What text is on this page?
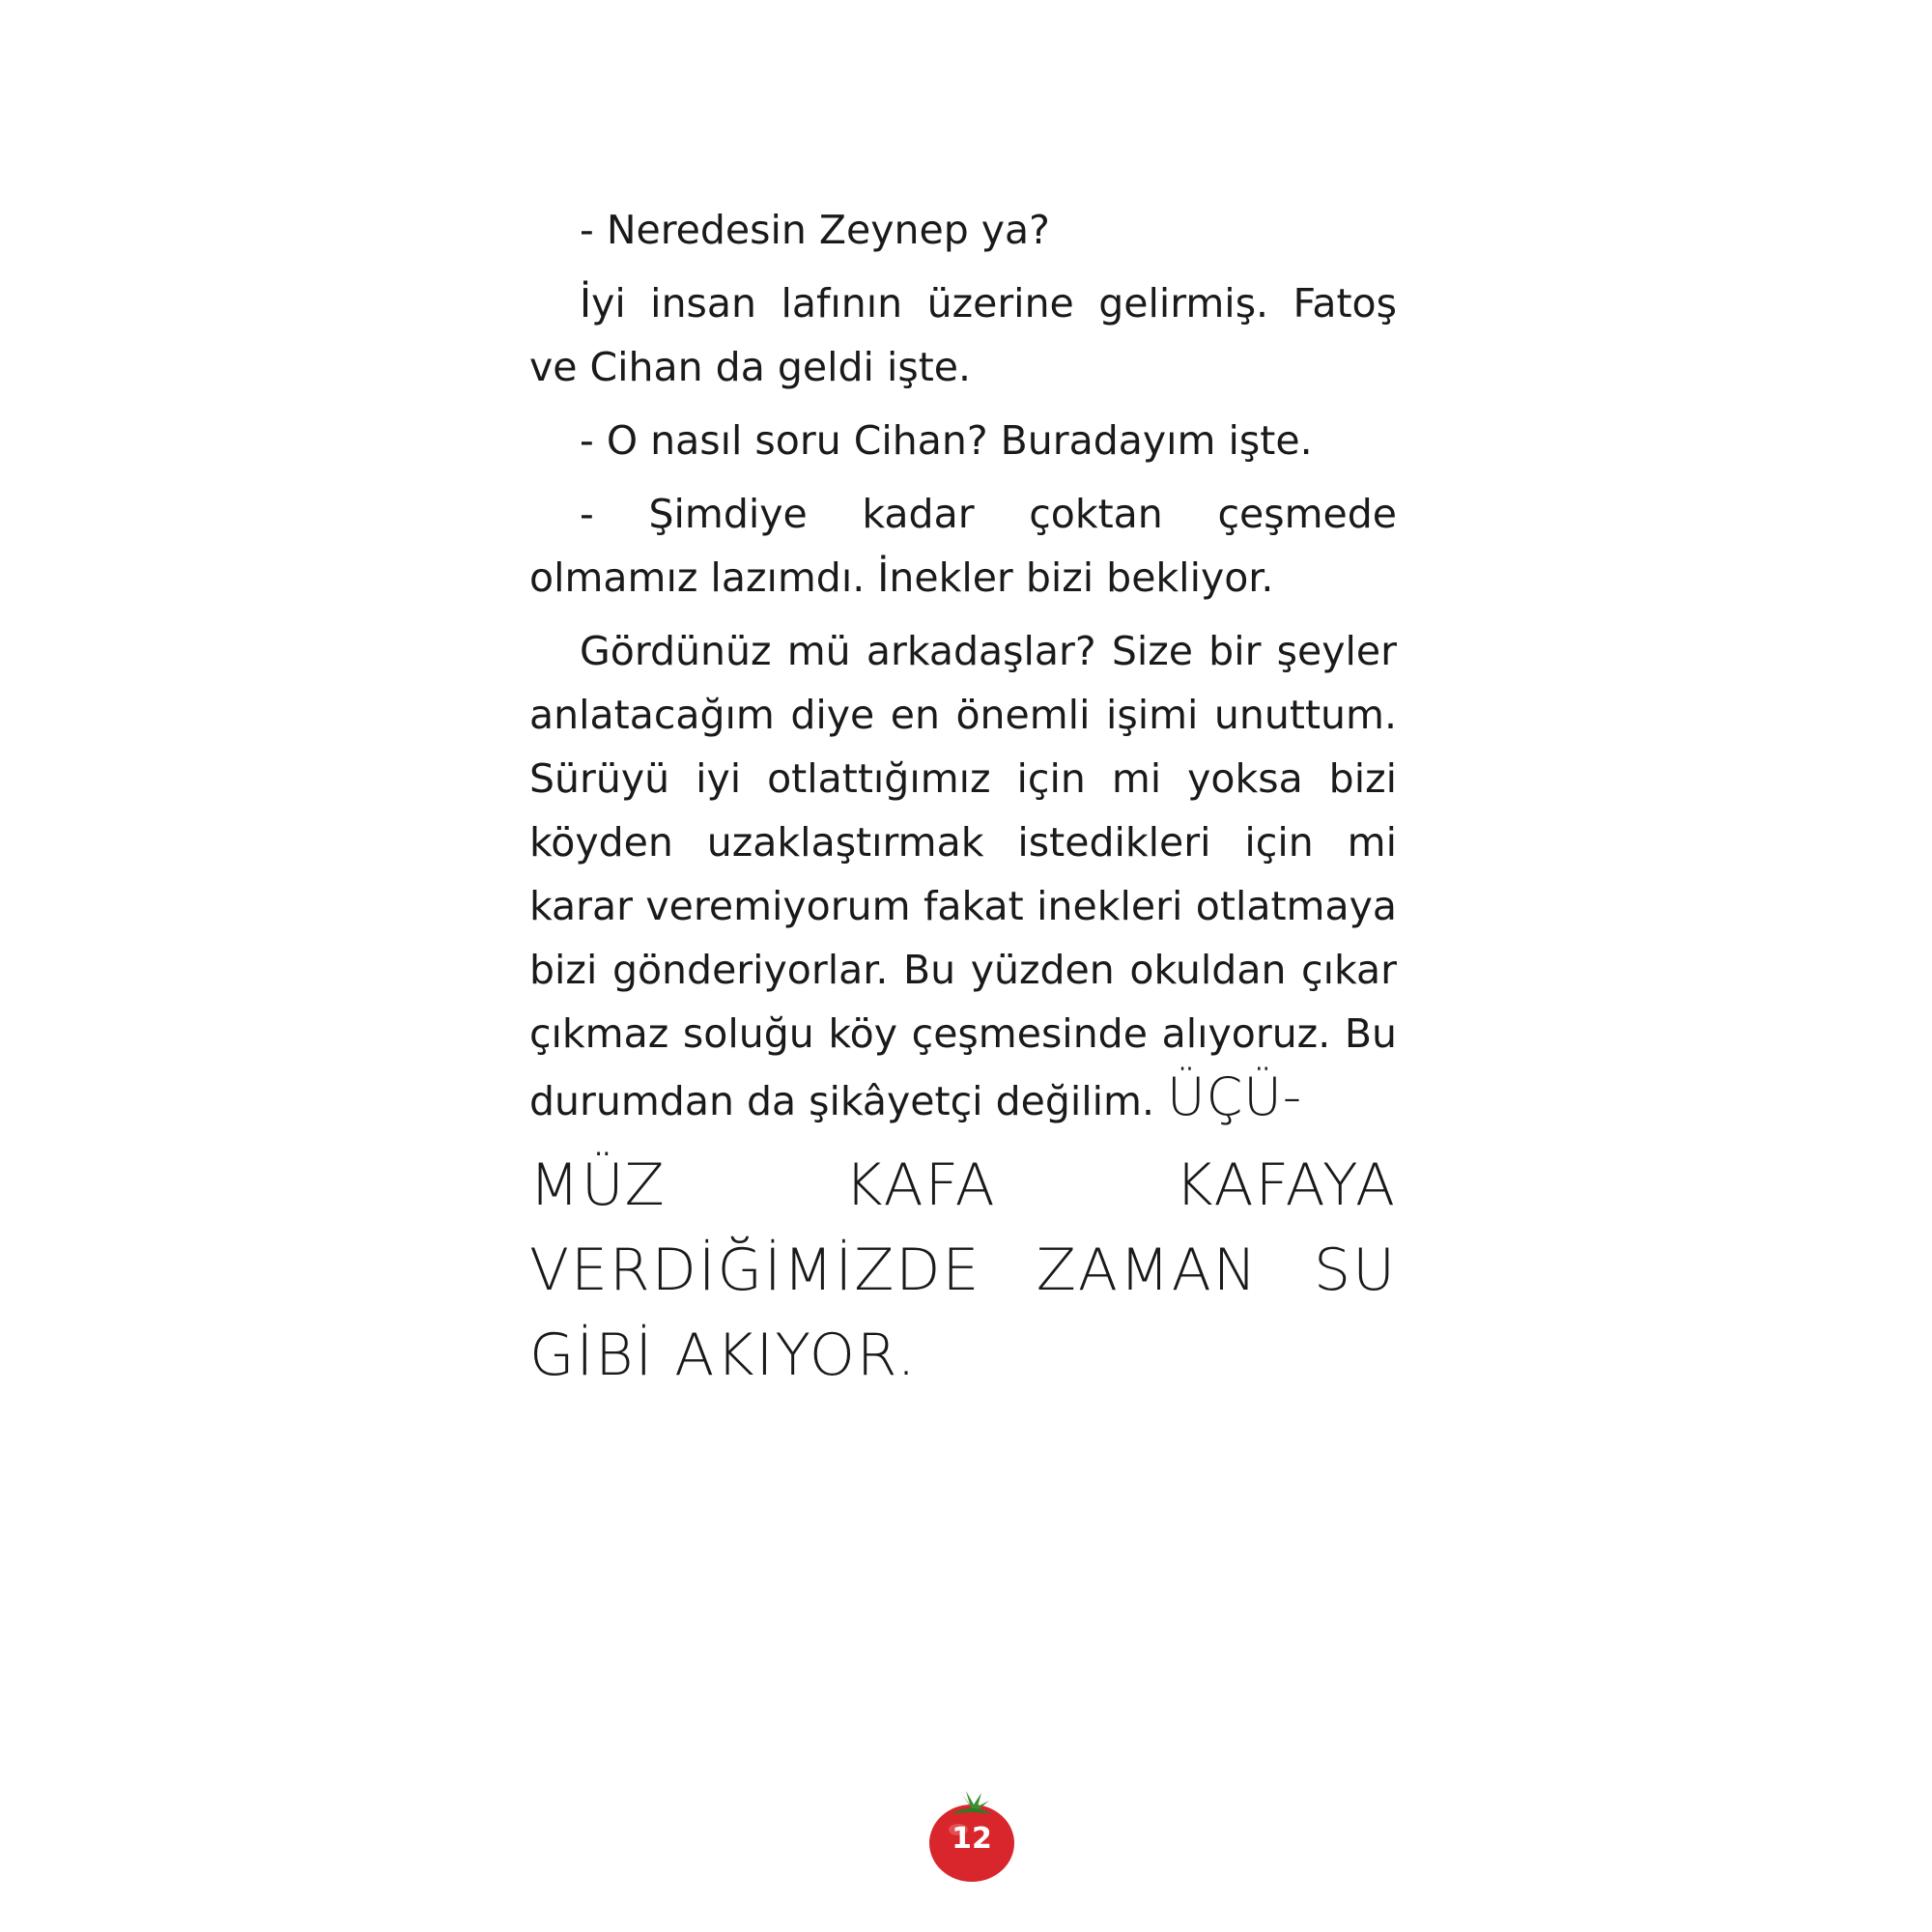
- Neredesin Zeynep ya?

İyi insan lafının üzerine gelirmiş. Fatoş ve Cihan da geldi işte.

- O nasıl soru Cihan? Buradayım işte.

- Şimdiye kadar çoktan çeşmede olmamız lazımdı. İnekler bizi bekliyor.

Gördünüz mü arkadaşlar? Size bir şeyler anlatacağım diye en önemli işimi unuttum. Sürüyü iyi otlattığımız için mi yoksa bizi köyden uzaklaştırmak istedikleri için mi karar veremiyorum fakat inekleri otlatmaya bizi gönderiyorlar. Bu yüzden okuldan çıkar çıkmaz soluğu köy çeşmesinde alıyoruz. Bu durumdan da şikâyetçi değilim. ÜÇÜ-

MÜZ KAFA KAFAYA VERDİĞİMİZDE ZAMAN SU GİBİ AKIYOR.

12
